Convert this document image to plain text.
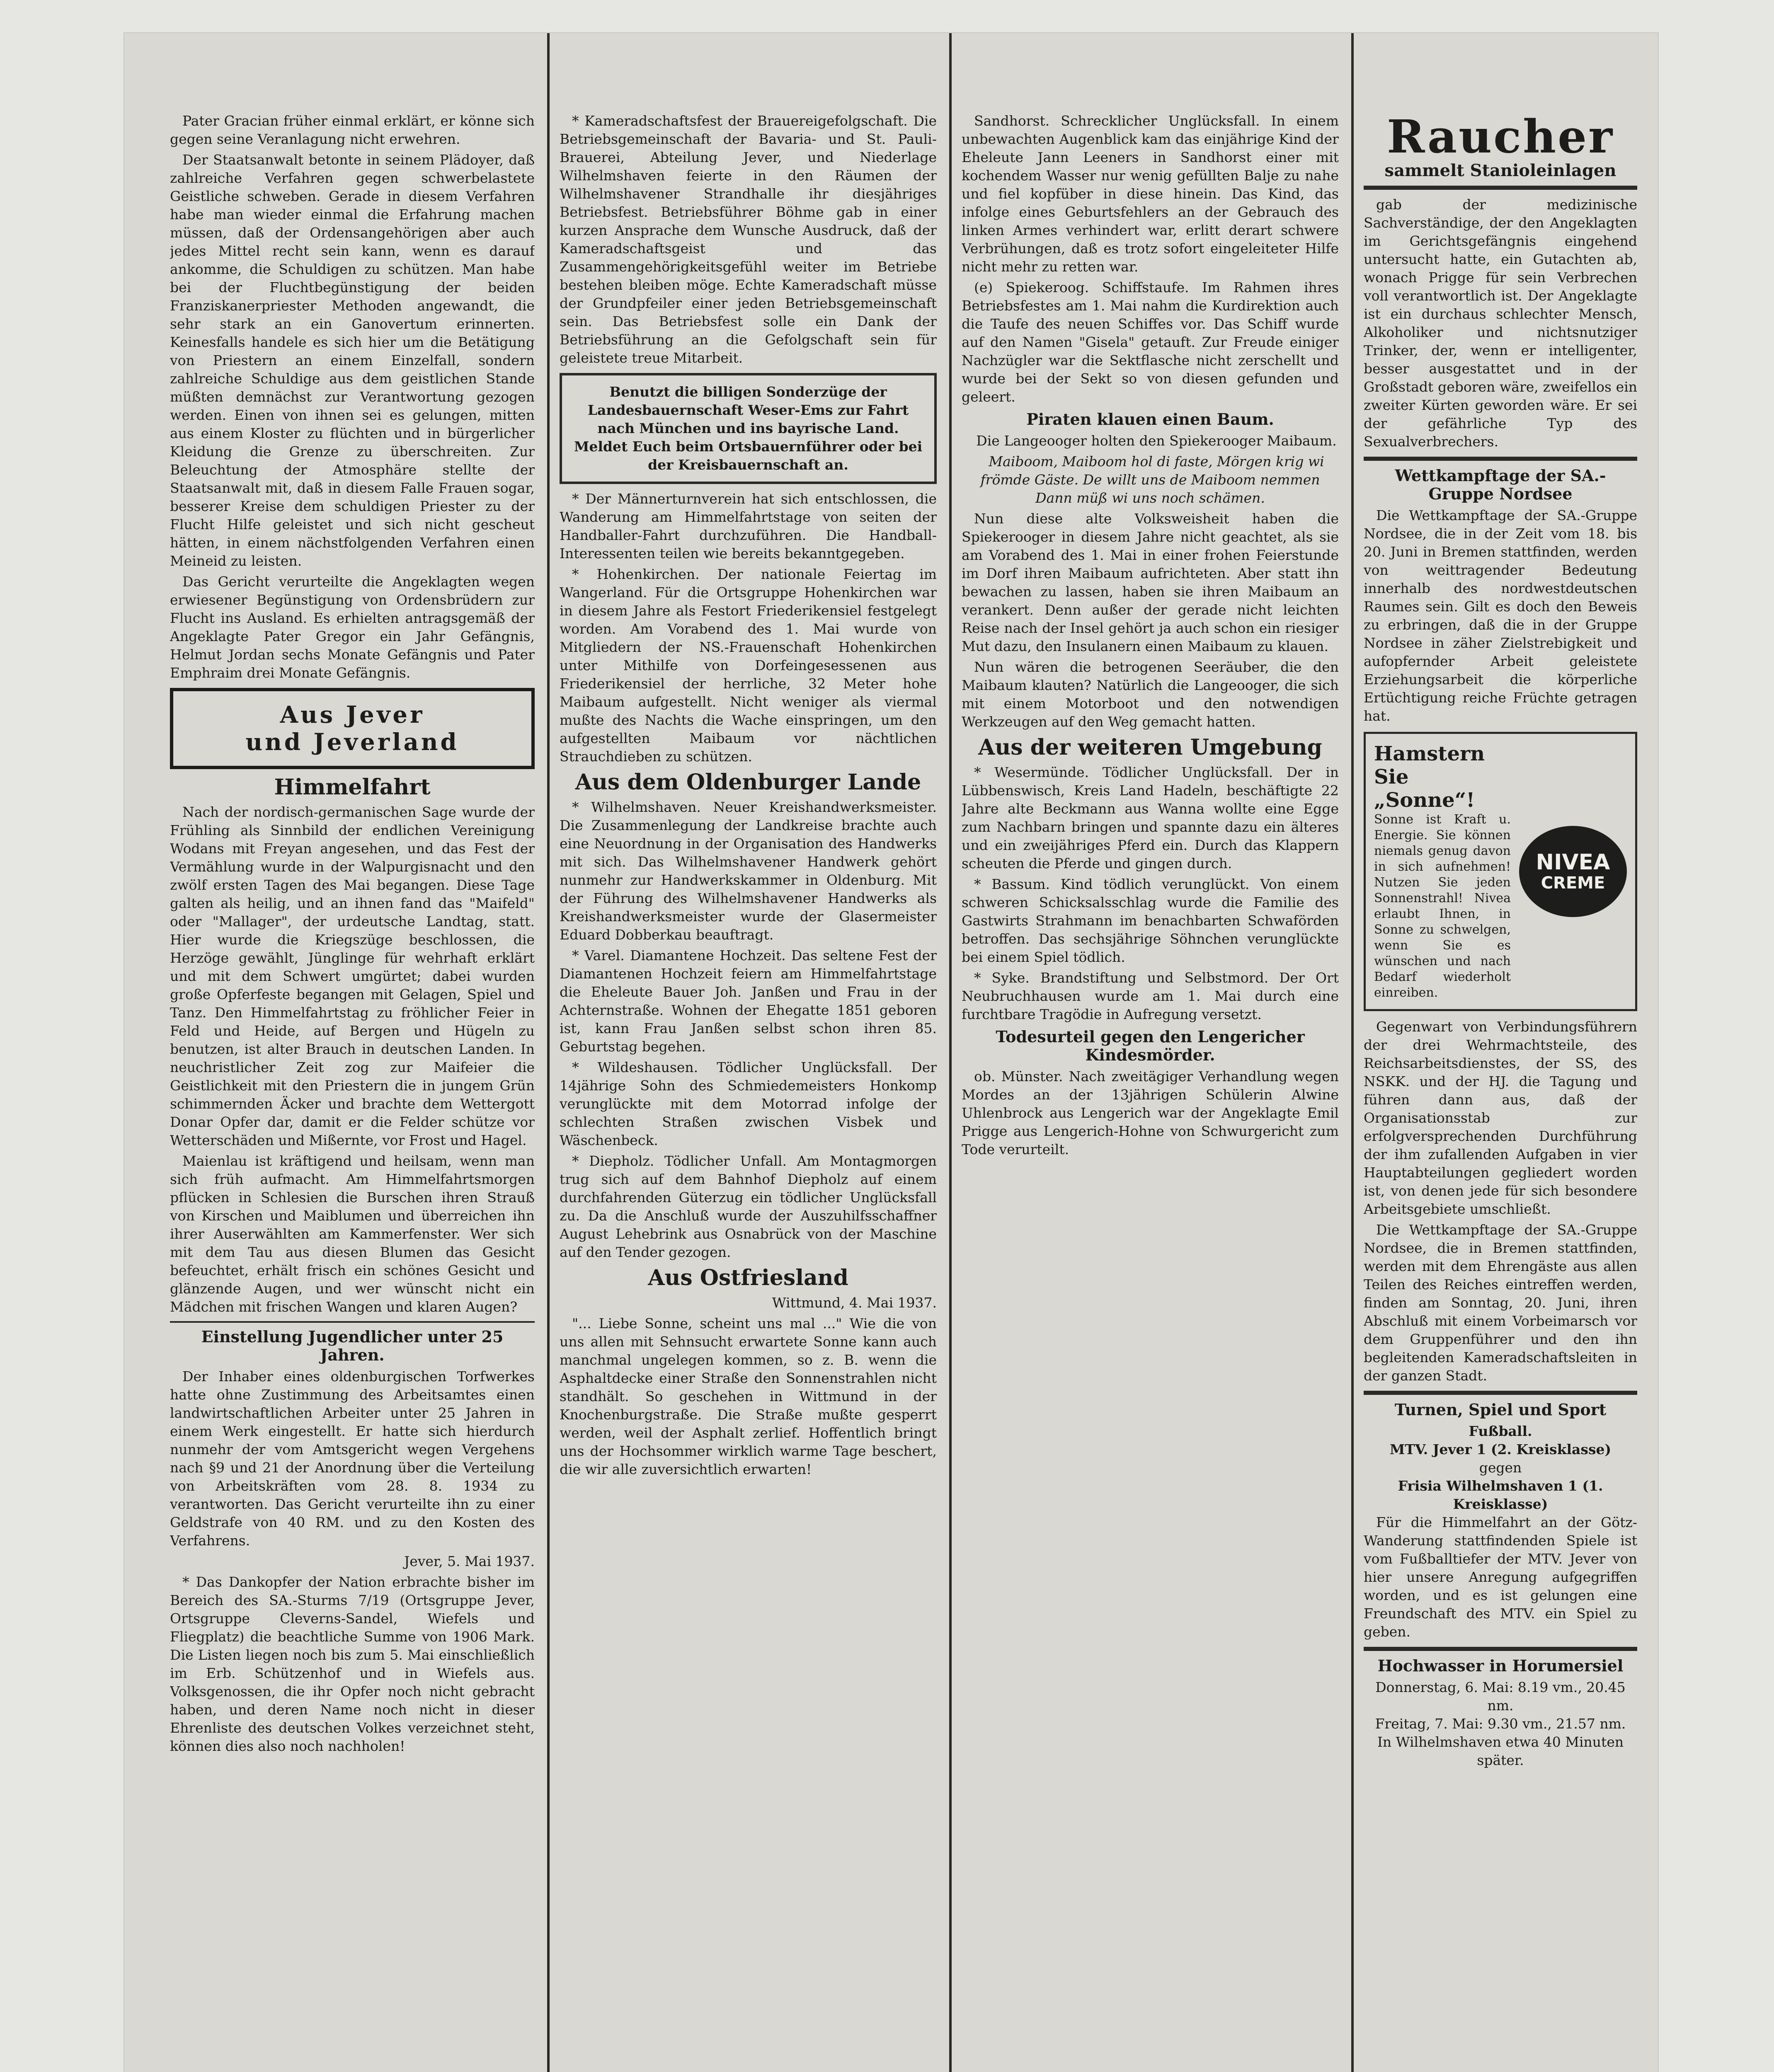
Pater Gracian früher einmal erklärt, er könne sich gegen seine Veranlagung nicht erwehren.

Der Staatsanwalt betonte in seinem Plädoyer, daß zahlreiche Verfahren gegen schwerbelastete Geistliche schweben. Gerade in diesem Verfahren habe man wieder einmal die Erfahrung machen müssen, daß der Ordensangehörigen aber auch jedes Mittel recht sein kann, wenn es darauf ankomme, die Schuldigen zu schützen. Man habe bei der Fluchtbegünstigung der beiden Franziskanerpriester Methoden angewandt, die sehr stark an ein Ganovertum erinnerten. Keinesfalls handele es sich hier um die Betätigung von Priestern an einem Einzelfall, sondern zahlreiche Schuldige aus dem geistlichen Stande müßten demnächst zur Verantwortung gezogen werden. Einen von ihnen sei es gelungen, mitten aus einem Kloster zu flüchten und in bürgerlicher Kleidung die Grenze zu überschreiten. Zur Beleuchtung der Atmosphäre stellte der Staatsanwalt mit, daß in diesem Falle Frauen sogar, besserer Kreise dem schuldigen Priester zu der Flucht Hilfe geleistet und sich nicht gescheut hätten, in einem nächstfolgenden Verfahren einen Meineid zu leisten.

Das Gericht verurteilte die Angeklagten wegen erwiesener Begünstigung von Ordensbrüdern zur Flucht ins Ausland. Es erhielten antragsgemäß der Angeklagte Pater Gregor ein Jahr Gefängnis, Helmut Jordan sechs Monate Gefängnis und Pater Emphraim drei Monate Gefängnis.

Aus Jever
und Jeverland
Himmelfahrt

Nach der nordisch-germanischen Sage wurde der Frühling als Sinnbild der endlichen Vereinigung Wodans mit Freyan angesehen, und das Fest der Vermählung wurde in der Walpurgisnacht und den zwölf ersten Tagen des Mai begangen. Diese Tage galten als heilig, und an ihnen fand das "Maifeld" oder "Mallager", der urdeutsche Landtag, statt. Hier wurde die Kriegszüge beschlossen, die Herzöge gewählt, Jünglinge für wehrhaft erklärt und mit dem Schwert umgürtet; dabei wurden große Opferfeste begangen mit Gelagen, Spiel und Tanz. Den Himmelfahrtstag zu fröhlicher Feier in Feld und Heide, auf Bergen und Hügeln zu benutzen, ist alter Brauch in deutschen Landen. In neuchristlicher Zeit zog zur Maifeier die Geistlichkeit mit den Priestern die in jungem Grün schimmernden Äcker und brachte dem Wettergott Donar Opfer dar, damit er die Felder schütze vor Wetterschäden und Mißernte, vor Frost und Hagel.

Maienlau ist kräftigend und heilsam, wenn man sich früh aufmacht. Am Himmelfahrtsmorgen pflücken in Schlesien die Burschen ihren Strauß von Kirschen und Maiblumen und überreichen ihn ihrer Auserwählten am Kammerfenster. Wer sich mit dem Tau aus diesen Blumen das Gesicht befeuchtet, erhält frisch ein schönes Gesicht und glänzende Augen, und wer wünscht nicht ein Mädchen mit frischen Wangen und klaren Augen?

Einstellung Jugendlicher unter 25 Jahren.

Der Inhaber eines oldenburgischen Torfwerkes hatte ohne Zustimmung des Arbeitsamtes einen landwirtschaftlichen Arbeiter unter 25 Jahren in einem Werk eingestellt. Er hatte sich hierdurch nunmehr der vom Amtsgericht wegen Vergehens nach §9 und 21 der Anordnung über die Verteilung von Arbeitskräften vom 28. 8. 1934 zu verantworten. Das Gericht verurteilte ihn zu einer Geldstrafe von 40 RM. und zu den Kosten des Verfahrens.

Jever, 5. Mai 1937.

* Das Dankopfer der Nation erbrachte bisher im Bereich des SA.-Sturms 7/19 (Ortsgruppe Jever, Ortsgruppe Cleverns-Sandel, Wiefels und Fliegplatz) die beachtliche Summe von 1906 Mark. Die Listen liegen noch bis zum 5. Mai einschließlich im Erb. Schützenhof und in Wiefels aus. Volksgenossen, die ihr Opfer noch nicht gebracht haben, und deren Name noch nicht in dieser Ehrenliste des deutschen Volkes verzeichnet steht, können dies also noch nachholen!

* Kameradschaftsfest der Brauereigefolgschaft. Die Betriebsgemeinschaft der Bavaria- und St. Pauli-Brauerei, Abteilung Jever, und Niederlage Wilhelmshaven feierte in den Räumen der Wilhelmshavener Strandhalle ihr diesjähriges Betriebsfest. Betriebsführer Böhme gab in einer kurzen Ansprache dem Wunsche Ausdruck, daß der Kameradschaftsgeist und das Zusammengehörigkeitsgefühl weiter im Betriebe bestehen bleiben möge. Echte Kameradschaft müsse der Grundpfeiler einer jeden Betriebsgemeinschaft sein. Das Betriebsfest solle ein Dank der Betriebsführung an die Gefolgschaft sein für geleistete treue Mitarbeit.

Benutzt die billigen Sonderzüge der Landesbauernschaft Weser-Ems zur Fahrt nach München und ins bayrische Land. Meldet Euch beim Ortsbauernführer oder bei der Kreisbauernschaft an.

* Der Männerturnverein hat sich entschlossen, die Wanderung am Himmelfahrtstage von seiten der Handballer-Fahrt durchzuführen. Die Handball-Interessenten teilen wie bereits bekanntgegeben.

* Hohenkirchen. Der nationale Feiertag im Wangerland. Für die Ortsgruppe Hohenkirchen war in diesem Jahre als Festort Friederikensiel festgelegt worden. Am Vorabend des 1. Mai wurde von Mitgliedern der NS.-Frauenschaft Hohenkirchen unter Mithilfe von Dorfeingesessenen aus Friederikensiel der herrliche, 32 Meter hohe Maibaum aufgestellt. Nicht weniger als viermal mußte des Nachts die Wache einspringen, um den aufgestellten Maibaum vor nächtlichen Strauchdieben zu schützen.

Aus dem Oldenburger Lande

* Wilhelmshaven. Neuer Kreishandwerksmeister. Die Zusammenlegung der Landkreise brachte auch eine Neuordnung in der Organisation des Handwerks mit sich. Das Wilhelmshavener Handwerk gehört nunmehr zur Handwerkskammer in Oldenburg. Mit der Führung des Wilhelmshavener Handwerks als Kreishandwerksmeister wurde der Glasermeister Eduard Dobberkau beauftragt.

* Varel. Diamantene Hochzeit. Das seltene Fest der Diamantenen Hochzeit feiern am Himmelfahrtstage die Eheleute Bauer Joh. Janßen und Frau in der Achternstraße. Wohnen der Ehegatte 1851 geboren ist, kann Frau Janßen selbst schon ihren 85. Geburtstag begehen.

* Wildeshausen. Tödlicher Unglücksfall. Der 14jährige Sohn des Schmiedemeisters Honkomp verunglückte mit dem Motorrad infolge der schlechten Straßen zwischen Visbek und Wäschenbeck.

* Diepholz. Tödlicher Unfall. Am Montagmorgen trug sich auf dem Bahnhof Diepholz auf einem durchfahrenden Güterzug ein tödlicher Unglücksfall zu. Da die Anschluß wurde der Auszuhilfsschaffner August Lehebrink aus Osnabrück von der Maschine auf den Tender gezogen.

Aus Ostfriesland
Wittmund, 4. Mai 1937.

"... Liebe Sonne, scheint uns mal ..." Wie die von uns allen mit Sehnsucht erwartete Sonne kann auch manchmal ungelegen kommen, so z. B. wenn die Asphaltdecke einer Straße den Sonnenstrahlen nicht standhält. So geschehen in Wittmund in der Knochenburgstraße. Die Straße mußte gesperrt werden, weil der Asphalt zerlief. Hoffentlich bringt uns der Hochsommer wirklich warme Tage beschert, die wir alle zuversichtlich erwarten!

Sandhorst. Schrecklicher Unglücksfall. In einem unbewachten Augenblick kam das einjährige Kind der Eheleute Jann Leeners in Sandhorst einer mit kochendem Wasser nur wenig gefüllten Balje zu nahe und fiel kopfüber in diese hinein. Das Kind, das infolge eines Geburtsfehlers an der Gebrauch des linken Armes verhindert war, erlitt derart schwere Verbrühungen, daß es trotz sofort eingeleiteter Hilfe nicht mehr zu retten war.

(e) Spiekeroog. Schiffstaufe. Im Rahmen ihres Betriebsfestes am 1. Mai nahm die Kurdirektion auch die Taufe des neuen Schiffes vor. Das Schiff wurde auf den Namen "Gisela" getauft. Zur Freude einiger Nachzügler war die Sektflasche nicht zerschellt und wurde bei der Sekt so von diesen gefunden und geleert.

Piraten klauen einen Baum.

Die Langeooger holten den Spiekerooger Maibaum.

Maiboom, Maiboom hol di faste, Mörgen krig wi frömde Gäste. De willt uns de Maiboom nemmen Dann müß wi uns noch schämen.

Nun diese alte Volksweisheit haben die Spiekerooger in diesem Jahre nicht geachtet, als sie am Vorabend des 1. Mai in einer frohen Feierstunde im Dorf ihren Maibaum aufrichteten. Aber statt ihn bewachen zu lassen, haben sie ihren Maibaum an verankert. Denn außer der gerade nicht leichten Reise nach der Insel gehört ja auch schon ein riesiger Mut dazu, den Insulanern einen Maibaum zu klauen.

Nun wären die betrogenen Seeräuber, die den Maibaum klauten? Natürlich die Langeooger, die sich mit einem Motorboot und den notwendigen Werkzeugen auf den Weg gemacht hatten.

Aus der weiteren Umgebung

* Wesermünde. Tödlicher Unglücksfall. Der in Lübbenswisch, Kreis Land Hadeln, beschäftigte 22 Jahre alte Beckmann aus Wanna wollte eine Egge zum Nachbarn bringen und spannte dazu ein älteres und ein zweijähriges Pferd ein. Durch das Klappern scheuten die Pferde und gingen durch.

* Bassum. Kind tödlich verunglückt. Von einem schweren Schicksalsschlag wurde die Familie des Gastwirts Strahmann im benachbarten Schwaförden betroffen. Das sechsjährige Söhnchen verunglückte bei einem Spiel tödlich.

* Syke. Brandstiftung und Selbstmord. Der Ort Neubruchhausen wurde am 1. Mai durch eine furchtbare Tragödie in Aufregung versetzt.

Todesurteil gegen den Lengericher Kindesmörder.

ob. Münster. Nach zweitägiger Verhandlung wegen Mordes an der 13jährigen Schülerin Alwine Uhlenbrock aus Lengerich war der Angeklagte Emil Prigge aus Lengerich-Hohne von Schwurgericht zum Tode verurteilt.

Raucher
sammelt Stanioleinlagen

gab der medizinische Sachverständige, der den Angeklagten im Gerichtsgefängnis eingehend untersucht hatte, ein Gutachten ab, wonach Prigge für sein Verbrechen voll verantwortlich ist. Der Angeklagte ist ein durchaus schlechter Mensch, Alkoholiker und nichtsnutziger Trinker, der, wenn er intelligenter, besser ausgestattet und in der Großstadt geboren wäre, zweifellos ein zweiter Kürten geworden wäre. Er sei der gefährliche Typ des Sexualverbrechers.

Wettkampftage der SA.-Gruppe Nordsee

Die Wettkampftage der SA.-Gruppe Nordsee, die in der Zeit vom 18. bis 20. Juni in Bremen stattfinden, werden von weittragender Bedeutung innerhalb des nordwestdeutschen Raumes sein. Gilt es doch den Beweis zu erbringen, daß die in der Gruppe Nordsee in zäher Zielstrebigkeit und aufopfernder Arbeit geleistete Erziehungsarbeit die körperliche Ertüchtigung reiche Früchte getragen hat.

Hamstern Sie „Sonne“!
Sonne ist Kraft u. Energie. Sie können niemals genug davon in sich aufnehmen! Nutzen Sie jeden Sonnenstrahl! Nivea erlaubt Ihnen, in Sonne zu schwelgen, wenn Sie es wünschen und nach Bedarf wiederholt einreiben.
NIVEA
CREME

Gegenwart von Verbindungsführern der drei Wehrmachtsteile, des Reichsarbeitsdienstes, der SS, des NSKK. und der HJ. die Tagung und führen dann aus, daß der Organisationsstab zur erfolgversprechenden Durchführung der ihm zufallenden Aufgaben in vier Hauptabteilungen gegliedert worden ist, von denen jede für sich besondere Arbeitsgebiete umschließt.

Die Wettkampftage der SA.-Gruppe Nordsee, die in Bremen stattfinden, werden mit dem Ehrengäste aus allen Teilen des Reiches eintreffen werden, finden am Sonntag, 20. Juni, ihren Abschluß mit einem Vorbeimarsch vor dem Gruppenführer und den ihn begleitenden Kameradschaftsleiten in der ganzen Stadt.

Turnen, Spiel und Sport
Fußball.
MTV. Jever 1 (2. Kreisklasse)
gegen
Frisia Wilhelmshaven 1 (1. Kreisklasse)

Für die Himmelfahrt an der Götz-Wanderung stattfindenden Spiele ist vom Fußballtiefer der MTV. Jever von hier unsere Anregung aufgegriffen worden, und es ist gelungen eine Freundschaft des MTV. ein Spiel zu geben.

Hochwasser in Horumersiel
Donnerstag, 6. Mai: 8.19 vm., 20.45 nm.
Freitag, 7. Mai: 9.30 vm., 21.57 nm.
In Wilhelmshaven etwa 40 Minuten später.
